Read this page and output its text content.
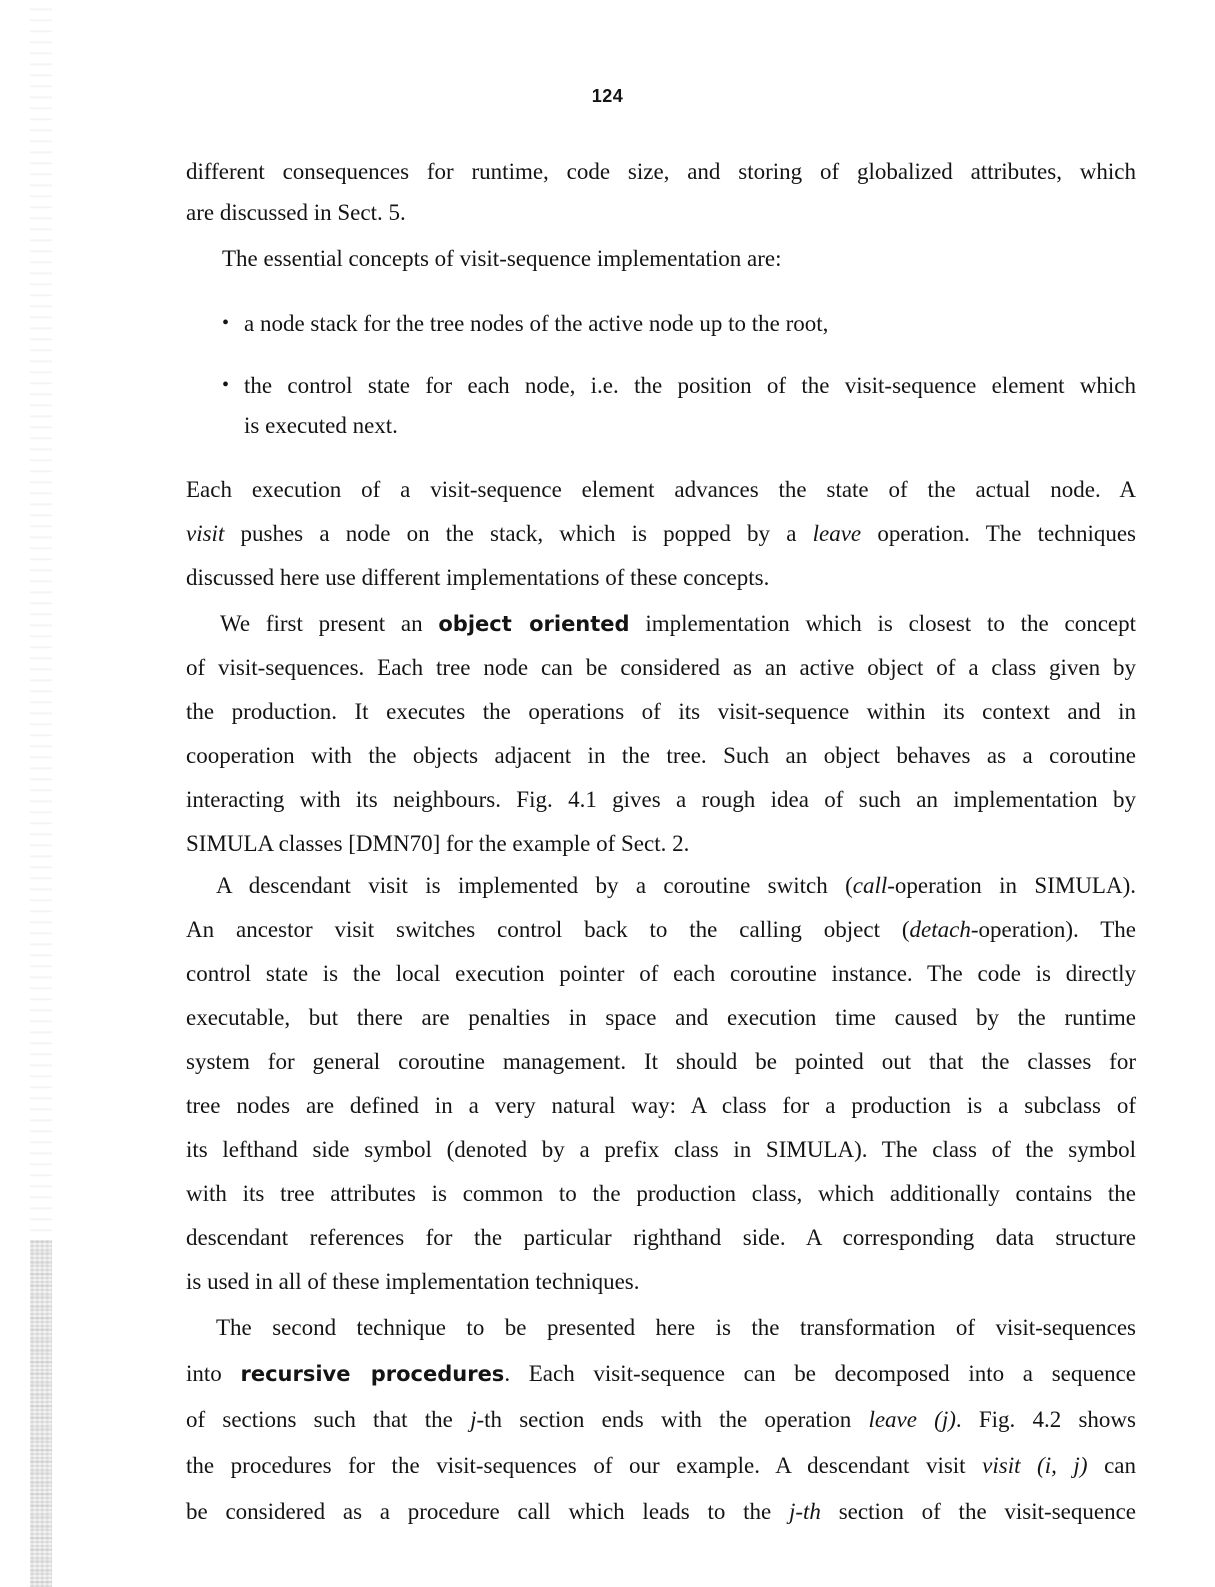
124
different consequences for runtime, code size, and storing of globalized attributes, which
are discussed in Sect. 5.
The essential concepts of visit-sequence implementation are:
• a node stack for the tree nodes of the active node up to the root,
• the control state for each node, i.e. the position of the visit-sequence element which
is executed next.
Each execution of a visit-sequence element advances the state of the actual node. A
visit pushes a node on the stack, which is popped by a leave operation. The techniques
discussed here use different implementations of these concepts.
We first present an object oriented implementation which is closest to the concept
of visit-sequences. Each tree node can be considered as an active object of a class given by
the production. It executes the operations of its visit-sequence within its context and in
cooperation with the objects adjacent in the tree. Such an object behaves as a coroutine
interacting with its neighbours. Fig. 4.1 gives a rough idea of such an implementation by
SIMULA classes [DMN70] for the example of Sect. 2.
A descendant visit is implemented by a coroutine switch (call-operation in SIMULA).
An ancestor visit switches control back to the calling object (detach-operation). The
control state is the local execution pointer of each coroutine instance. The code is directly
executable, but there are penalties in space and execution time caused by the runtime
system for general coroutine management. It should be pointed out that the classes for
tree nodes are defined in a very natural way: A class for a production is a subclass of
its lefthand side symbol (denoted by a prefix class in SIMULA). The class of the symbol
with its tree attributes is common to the production class, which additionally contains the
descendant references for the particular righthand side. A corresponding data structure
is used in all of these implementation techniques.
The second technique to be presented here is the transformation of visit-sequences
into recursive procedures. Each visit-sequence can be decomposed into a sequence
of sections such that the j-th section ends with the operation leave (j). Fig. 4.2 shows
the procedures for the visit-sequences of our example. A descendant visit visit (i, j) can
be considered as a procedure call which leads to the j-th section of the visit-sequence
